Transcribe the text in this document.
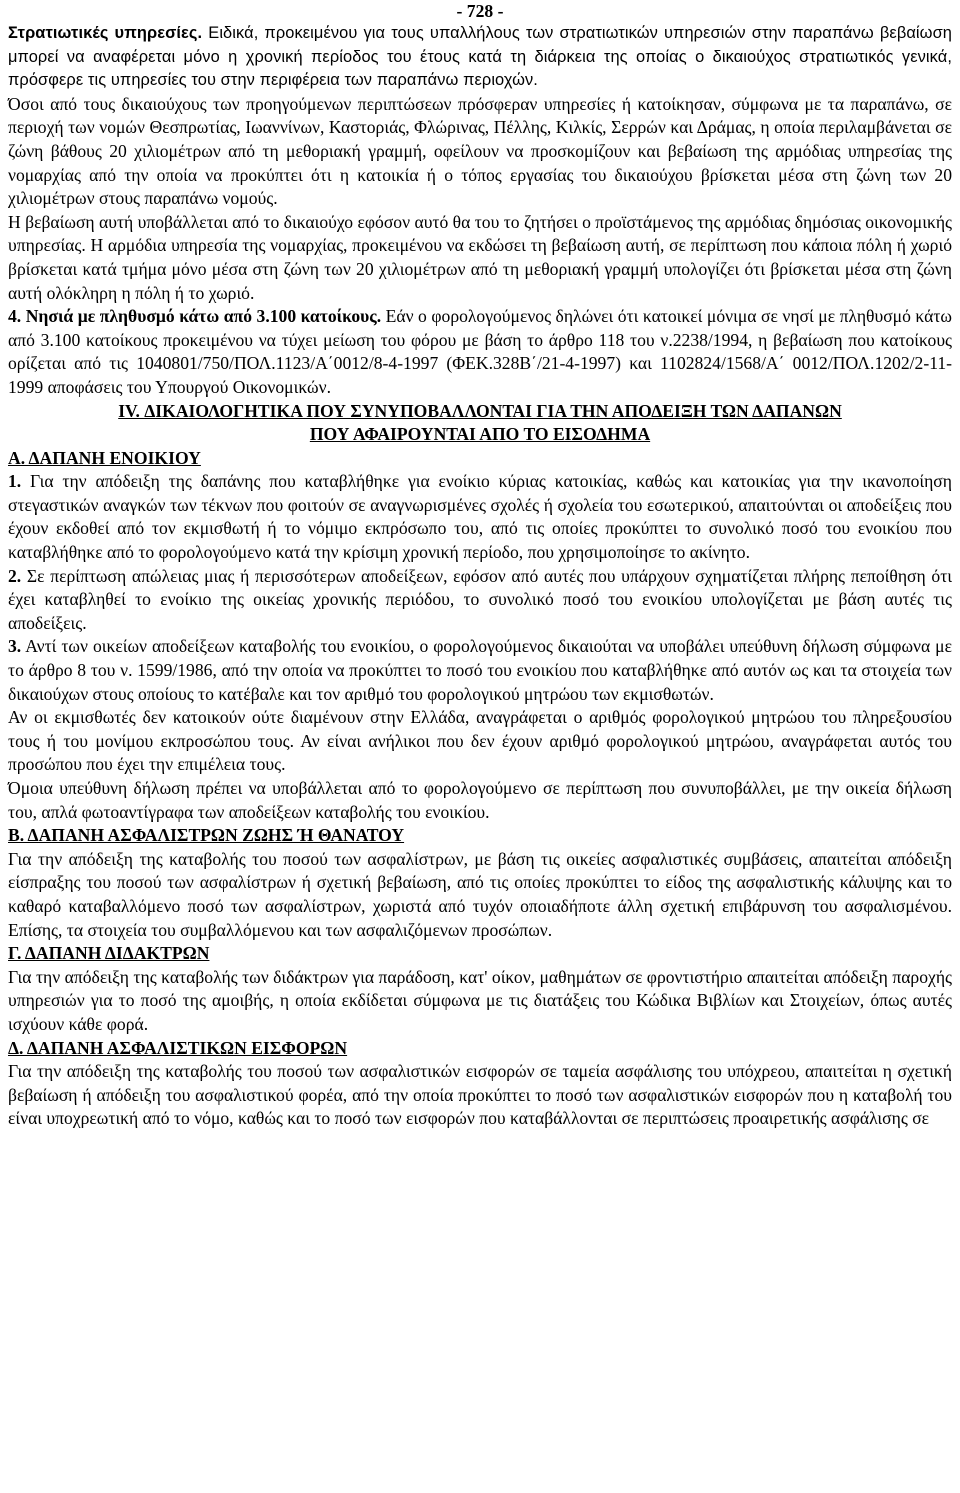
- 728 -

Στρατιωτικές υπηρεσίες. Ειδικά, προκειμένου για τους υπαλλήλους των στρατιωτικών υπηρεσιών στην παραπάνω βεβαίωση μπορεί να αναφέρεται μόνο η χρονική περίοδος του έτους κατά τη διάρκεια της οποίας ο δικαιούχος στρατιωτικός γενικά, πρόσφερε τις υπηρεσίες του στην περιφέρεια των παραπάνω περιοχών.

Όσοι από τους δικαιούχους των προηγούμενων περιπτώσεων πρόσφεραν υπηρεσίες ή κατοίκησαν, σύμφωνα με τα παραπάνω, σε περιοχή των νομών Θεσπρωτίας, Ιωαννίνων, Καστοριάς, Φλώρινας, Πέλλης, Κιλκίς, Σερρών και Δράμας, η οποία περιλαμβάνεται σε ζώνη βάθους 20 χιλιομέτρων από τη μεθοριακή γραμμή, οφείλουν να προσκομίζουν και βεβαίωση της αρμόδιας υπηρεσίας της νομαρχίας από την οποία να προκύπτει ότι η κατοικία ή ο τόπος εργασίας του δικαιούχου βρίσκεται μέσα στη ζώνη των 20 χιλιομέτρων στους παραπάνω νομούς.

Η βεβαίωση αυτή υποβάλλεται από το δικαιούχο εφόσον αυτό θα του το ζητήσει ο προϊστάμενος της αρμόδιας δημόσιας οικονομικής υπηρεσίας. Η αρμόδια υπηρεσία της νομαρχίας, προκειμένου να εκδώσει τη βεβαίωση αυτή, σε περίπτωση που κάποια πόλη ή χωριό βρίσκεται κατά τμήμα μόνο μέσα στη ζώνη των 20 χιλιομέτρων από τη μεθοριακή γραμμή υπολογίζει ότι βρίσκεται μέσα στη ζώνη αυτή ολόκληρη η πόλη ή το χωριό.

4. Νησιά με πληθυσμό κάτω από 3.100 κατοίκους. Εάν ο φορολογούμενος δηλώνει ότι κατοικεί μόνιμα σε νησί με πληθυσμό κάτω από 3.100 κατοίκους προκειμένου να τύχει μείωση του φόρου με βάση το άρθρο 118 του ν.2238/1994, η βεβαίωση που κατοίκους ορίζεται από τις 1040801/750/ΠΟΛ.1123/Α΄0012/8-4-1997 (ΦΕΚ.328Β΄/21-4-1997) και 1102824/1568/Α΄ 0012/ΠΟΛ.1202/2-11-1999 αποφάσεις του Υπουργού Οικονομικών.

IV. ΔΙΚΑΙΟΛΟΓΗΤΙΚΑ ΠΟΥ ΣΥΝΥΠΟΒΑΛΛΟΝΤΑΙ ΓΙΑ ΤΗΝ ΑΠΟΔΕΙΞΗ ΤΩΝ ΔΑΠΑΝΩΝ

ΠΟΥ ΑΦΑΙΡΟΥΝΤΑΙ ΑΠΟ ΤΟ ΕΙΣΟΔΗΜΑ

Α. ΔΑΠΑΝΗ ΕΝΟΙΚΙΟΥ

1. Για την απόδειξη της δαπάνης που καταβλήθηκε για ενοίκιο κύριας κατοικίας, καθώς και κατοικίας για την ικανοποίηση στεγαστικών αναγκών των τέκνων που φοιτούν σε αναγνωρισμένες σχολές ή σχολεία του εσωτερικού, απαιτούνται οι αποδείξεις που έχουν εκδοθεί από τον εκμισθωτή ή το νόμιμο εκπρόσωπο του, από τις οποίες προκύπτει το συνολικό ποσό του ενοικίου που καταβλήθηκε από το φορολογούμενο κατά την κρίσιμη χρονική περίοδο, που χρησιμοποίησε το ακίνητο.

2. Σε περίπτωση απώλειας μιας ή περισσότερων αποδείξεων, εφόσον από αυτές που υπάρχουν σχηματίζεται πλήρης πεποίθηση ότι έχει καταβληθεί το ενοίκιο της οικείας χρονικής περιόδου, το συνολικό ποσό του ενοικίου υπολογίζεται με βάση αυτές τις αποδείξεις.

3. Αντί των οικείων αποδείξεων καταβολής του ενοικίου, ο φορολογούμενος δικαιούται να υποβάλει υπεύθυνη δήλωση σύμφωνα με το άρθρο 8 του ν. 1599/1986, από την οποία να προκύπτει το ποσό του ενοικίου που καταβλήθηκε από αυτόν ως και τα στοιχεία των δικαιούχων στους οποίους το κατέβαλε και τον αριθμό του φορολογικού μητρώου των εκμισθωτών.

Αν οι εκμισθωτές δεν κατοικούν ούτε διαμένουν στην Ελλάδα, αναγράφεται ο αριθμός φορολογικού μητρώου του πληρεξουσίου τους ή του μονίμου εκπροσώπου τους. Αν είναι ανήλικοι που δεν έχουν αριθμό φορολογικού μητρώου, αναγράφεται αυτός του προσώπου που έχει την επιμέλεια τους.

Όμοια υπεύθυνη δήλωση πρέπει να υποβάλλεται από το φορολογούμενο σε περίπτωση που συνυποβάλλει, με την οικεία δήλωση του, απλά φωτοαντίγραφα των αποδείξεων καταβολής του ενοικίου.

Β. ΔΑΠΑΝΗ ΑΣΦΑΛΙΣΤΡΩΝ ΖΩΗΣ Ή ΘΑΝΑΤΟΥ

Για την απόδειξη της καταβολής του ποσού των ασφαλίστρων, με βάση τις οικείες ασφαλιστικές συμβάσεις, απαιτείται απόδειξη είσπραξης του ποσού των ασφαλίστρων ή σχετική βεβαίωση, από τις οποίες προκύπτει το είδος της ασφαλιστικής κάλυψης και το καθαρό καταβαλλόμενο ποσό των ασφαλίστρων, χωριστά από τυχόν οποιαδήποτε άλλη σχετική επιβάρυνση του ασφαλισμένου. Επίσης, τα στοιχεία του συμβαλλόμενου και των ασφαλιζόμενων προσώπων.

Γ. ΔΑΠΑΝΗ ΔΙΔΑΚΤΡΩΝ

Για την απόδειξη της καταβολής των διδάκτρων για παράδοση, κατ' οίκον, μαθημάτων σε φροντιστήριο απαιτείται απόδειξη παροχής υπηρεσιών για το ποσό της αμοιβής, η οποία εκδίδεται σύμφωνα με τις διατάξεις του Κώδικα Βιβλίων και Στοιχείων, όπως αυτές ισχύουν κάθε φορά.

Δ. ΔΑΠΑΝΗ ΑΣΦΑΛΙΣΤΙΚΩΝ ΕΙΣΦΟΡΩΝ

Για την απόδειξη της καταβολής του ποσού των ασφαλιστικών εισφορών σε ταμεία ασφάλισης του υπόχρεου, απαιτείται η σχετική βεβαίωση ή απόδειξη του ασφαλιστικού φορέα, από την οποία προκύπτει το ποσό των ασφαλιστικών εισφορών που η καταβολή του είναι υποχρεωτική από το νόμο, καθώς και το ποσό των εισφορών που καταβάλλονται σε περιπτώσεις προαιρετικής ασφάλισης σε
